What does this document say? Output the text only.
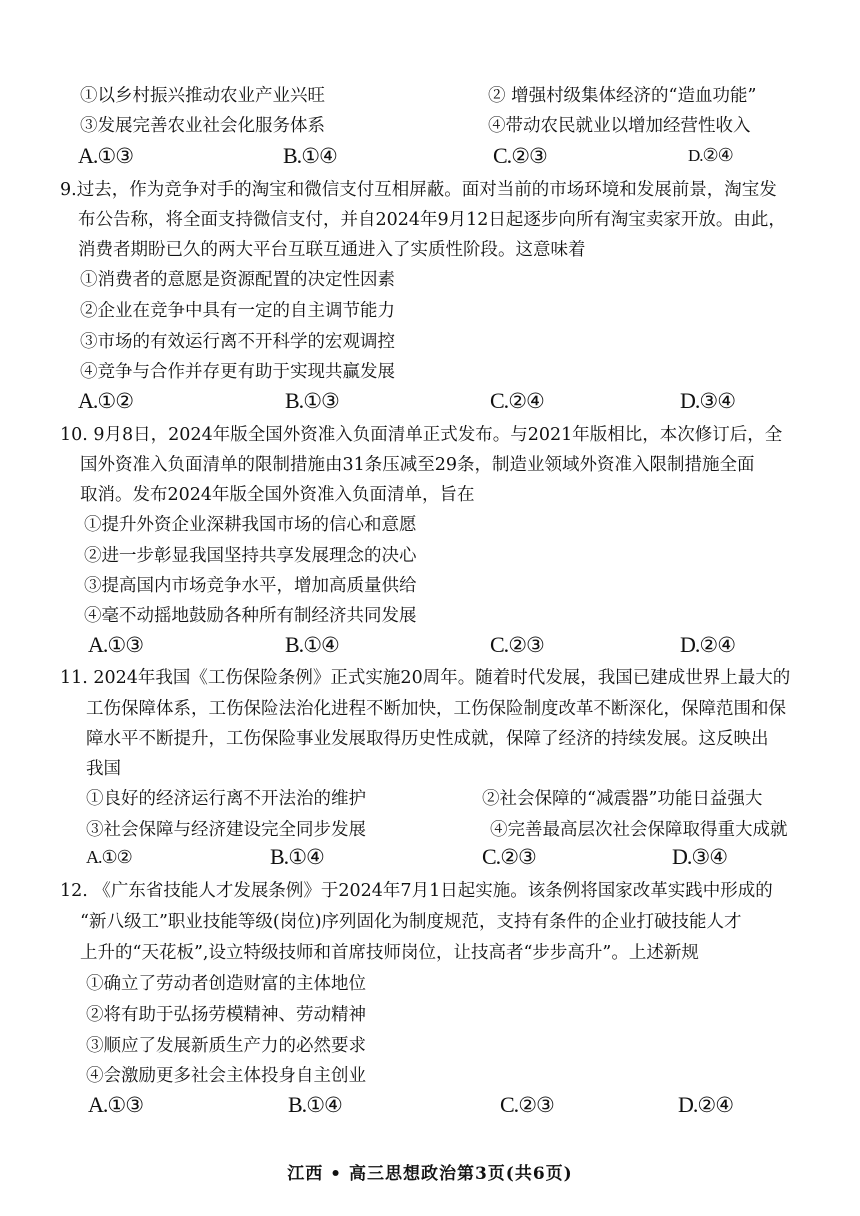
①以乡村振兴推动农业产业兴旺	② 增强村级集体经济的“造血功能”
③发展完善农业社会化服务体系	④带动农民就业以增加经营性收入
A.①③	B.①④	C.②③	D.②④
9.过去，作为竞争对手的淘宝和微信支付互相屏蔽。面对当前的市场环境和发展前景，淘宝发
布公告称，将全面支持微信支付，并自2024年9月12日起逐步向所有淘宝卖家开放。由此，
消费者期盼已久的两大平台互联互通进入了实质性阶段。这意味着
①消费者的意愿是资源配置的决定性因素
②企业在竞争中具有一定的自主调节能力
③市场的有效运行离不开科学的宏观调控
④竞争与合作并存更有助于实现共赢发展
A.①②	B.①③	C.②④	D.③④
10. 9月8日，2024年版全国外资准入负面清单正式发布。与2021年版相比，本次修订后，全
国外资准入负面清单的限制措施由31条压减至29条，制造业领域外资准入限制措施全面
取消。发布2024年版全国外资准入负面清单，旨在
①提升外资企业深耕我国市场的信心和意愿
②进一步彰显我国坚持共享发展理念的决心
③提高国内市场竞争水平，增加高质量供给
④毫不动摇地鼓励各种所有制经济共同发展
A.①③	B.①④	C.②③	D.②④
11. 2024年我国《工伤保险条例》正式实施20周年。随着时代发展，我国已建成世界上最大的
工伤保障体系，工伤保险法治化进程不断加快，工伤保险制度改革不断深化，保障范围和保
障水平不断提升，工伤保险事业发展取得历史性成就，保障了经济的持续发展。这反映出
我国
①良好的经济运行离不开法治的维护	②社会保障的“减震器”功能日益强大
③社会保障与经济建设完全同步发展	④完善最高层次社会保障取得重大成就
A.①②	B.①④	C.②③	D.③④
12. 《广东省技能人才发展条例》于2024年7月1日起实施。该条例将国家改革实践中形成的
“新八级工”职业技能等级(岗位)序列固化为制度规范，支持有条件的企业打破技能人才
上升的“天花板”,设立特级技师和首席技师岗位，让技高者“步步高升”。上述新规
①确立了劳动者创造财富的主体地位
②将有助于弘扬劳模精神、劳动精神
③顺应了发展新质生产力的必然要求
④会激励更多社会主体投身自主创业
A.①③	B.①④	C.②③	D.②④
江西 • 高三思想政治第3页(共6页)
